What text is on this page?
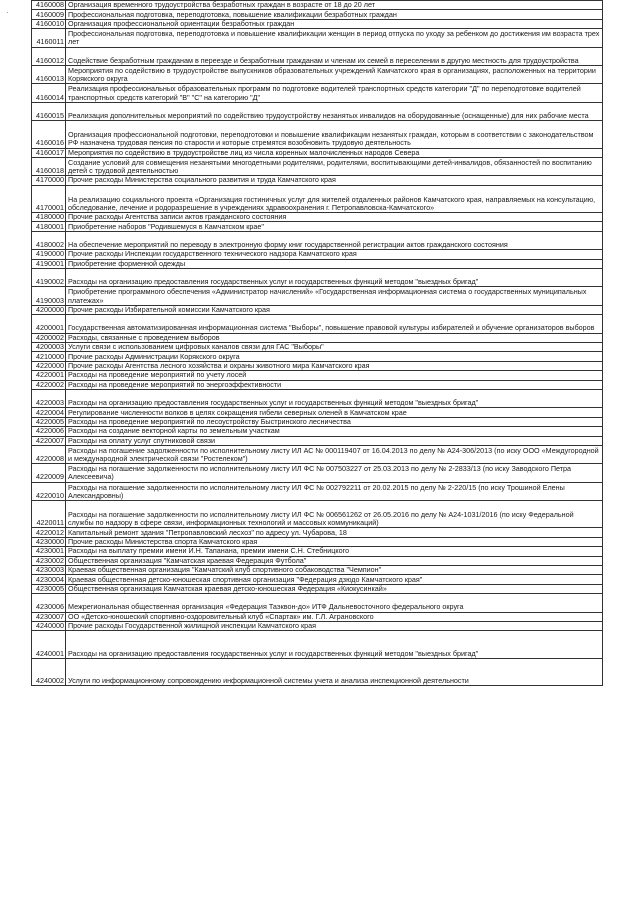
·
4160008	Организация временного трудоустройства безработных граждан в возрасте от 18 до 20 лет
4160009	Профессиональная подготовка, переподготовка, повышение квалификации безработных граждан
4160010	Организация профессиональной ориентации безработных граждан
4160011	Профессиональная подготовка, переподготовка и повышение квалификации женщин в период отпуска по уходу за ребенком до достижения им возраста трех лет
4160012	Содействие безработным гражданам в переезде и безработным гражданам и членам их семей в переселении в другую местность для трудоустройства
4160013	Мероприятия по содействию в трудоустройстве выпускников образовательных учреждений Камчатского края в организациях, расположенных на территории Корякского округа
4160014	Реализация профессиональных образовательных программ по подготовке водителей транспортных средств категории "Д" по переподготовке водителей транспортных средств категорий "В" "С" на категорию "Д"
4160015	Реализация дополнительных мероприятий по содействию трудоустройству незанятых инвалидов на оборудованные (оснащенные) для них рабочие места
4160016	Организация профессиональной подготовки, переподготовки и повышение квалификации незанятых граждан, которым в соответствии с законодательством РФ назначена трудовая пенсия по старости и которые стремятся возобновить трудовую деятельность
4160017	Мероприятия по содействию в трудоустройстве лиц из числа коренных малочисленных народов Севера
4160018	Создание условий для совмещения незанятыми многодетными родителями, родителями, воспитывающими детей-инвалидов, обязанностей по воспитанию детей с трудовой деятельностью
4170000	Прочие расходы Министерства социального развития и труда Камчатского края
4170001	На реализацию социального проекта «Организация гостиничных услуг для жителей отдаленных районов Камчатского края, направляемых на консультацию, обследование, лечение и родоразрешение в учреждениях здравоохранения г. Петропавловска-Камчатского»
4180000	Прочие расходы Агентства записи актов гражданского состояния
4180001	Приобретение наборов "Родившемуся в Камчатском крае"
4180002	На обеспечение мероприятий по переводу в электронную форму книг государственной регистрации актов гражданского состояния
4190000	Прочие расходы Инспекции государственного технического надзора Камчатского края
4190001	Приобретение форменной одежды
4190002	Расходы на организацию предоставления государственных услуг и государственных функций методом "выездных бригад"
4190003	Приобретение программного обеспечения «Администратор начислений» «Государственная информационная система о государственных муниципальных платежах»
4200000	Прочие расходы Избирательной комиссии Камчатского края
4200001	Государственная автоматизированная информационная система "Выборы", повышение правовой культуры избирателей и обучение организаторов выборов
4200002	Расходы, связанные с проведением выборов
4200003	Услуги связи с использованием цифровых каналов связи для ГАС "Выборы"
4210000	Прочие расходы Администрации Корякского округа
4220000	Прочие расходы Агентства лесного хозяйства и охраны животного мира Камчатского края
4220001	Расходы на проведение мероприятий по учету лосей
4220002	Расходы на проведение мероприятий по энергоэффективности
4220003	Расходы на организацию предоставления государственных услуг и государственных функций методом "выездных бригад"
4220004	Регулирование численности волков в целях сокращения гибели северных оленей в Камчатском крае
4220005	Расходы на проведение мероприятий по лесоустройству Быстринского лесничества
4220006	Расходы на создание векторной карты по земельным участкам
4220007	Расходы на оплату услуг спутниковой связи
4220008	Расходы на погашение задолженности по исполнительному листу ИЛ АС № 000119407 от 16.04.2013 по делу № А24-306/2013 (по иску ООО «Междугородной и международной электрической связи "Ростелеком")
4220009	Расходы на погашение задолженности по исполнительному листу ИЛ ФС № 007503227 от 25.03.2013 по делу № 2-2833/13 (по иску Заводского Петра Алексеевича)
4220010	Расходы на погашение задолженности по исполнительному листу ИЛ ФС № 002792211 от 20.02.2015 по делу № 2-220/15 (по иску Трошиной Елены Александровны)
4220011	Расходы на погашение задолженности по исполнительному листу ИЛ ФС № 006561262 от 26.05.2016 по делу № А24-1031/2016 (по иску Федеральной службы по надзору в сфере связи, информационных технологий и массовых коммуникаций)
4220012	Капитальный ремонт здания "Петропавловский лесхоз" по адресу ул. Чубарова, 18
4230000	Прочие расходы Министерства спорта Камчатского края
4230001	Расходы на выплату премии имени И.Н. Тапанана, премии имени С.Н. Стебницкого
4230002	Общественная организация "Камчатская краевая Федерация Футбола"
4230003	Краевая общественная организация "Камчатский клуб спортивного собаководства "Чемпион"
4230004	Краевая общественная детско-юношеская спортивная организация "Федерация дзюдо Камчатского края"
4230005	Общественная организация Камчатская краевая детско-юношеская Федерация «Киокусинкай»
4230006	Межрегиональная общественная организация «Федерация Таэквон-до» ИТФ Дальневосточного федерального округа
4230007	ОО «Детско-юношеский спортивно-оздоровительный клуб «Спартак» им. Г.Л. Аграновского
4240000	Прочие расходы Государственной жилищной инспекции Камчатского края
4240001	Расходы на организацию предоставления государственных услуг и государственных функций методом "выездных бригад"
4240002	Услуги по информационному сопровождению информационной системы учета и анализа инспекционной деятельности
